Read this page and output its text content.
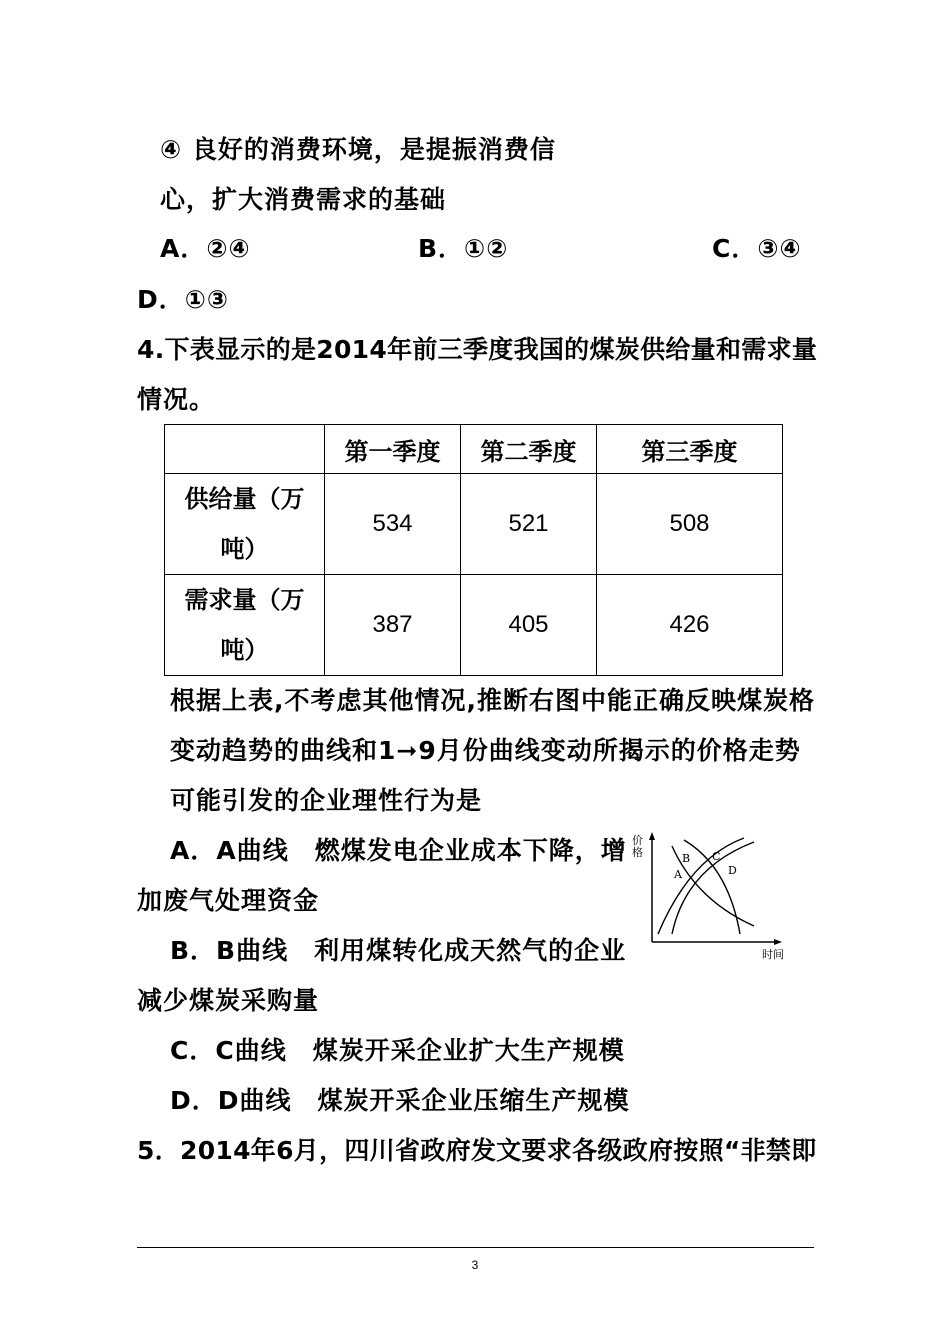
④ 良好的消费环境，是提振消费信
心，扩大消费需求的基础
A．②④	B．①②	C．③④
D．①③
4.下表显示的是2014年前三季度我国的煤炭供给量和需求量
情况。
	第一季度	第二季度	第三季度

供给量（万
吨）	534	521	508

需求量（万
吨）	387	405	426
根据上表,不考虑其他情况,推断右图中能正确反映煤炭格
变动趋势的曲线和1➞9月份曲线变动所揭示的价格走势
可能引发的企业理性行为是
A．A曲线　燃煤发电企业成本下降，增
加废气处理资金
B．B曲线　利用煤转化成天然气的企业
减少煤炭采购量
C．C曲线　煤炭开采企业扩大生产规模
D．D曲线　煤炭开采企业压缩生产规模
价
格
时间
A
B C
D
5．2014年6月，四川省政府发文要求各级政府按照“非禁即
3
